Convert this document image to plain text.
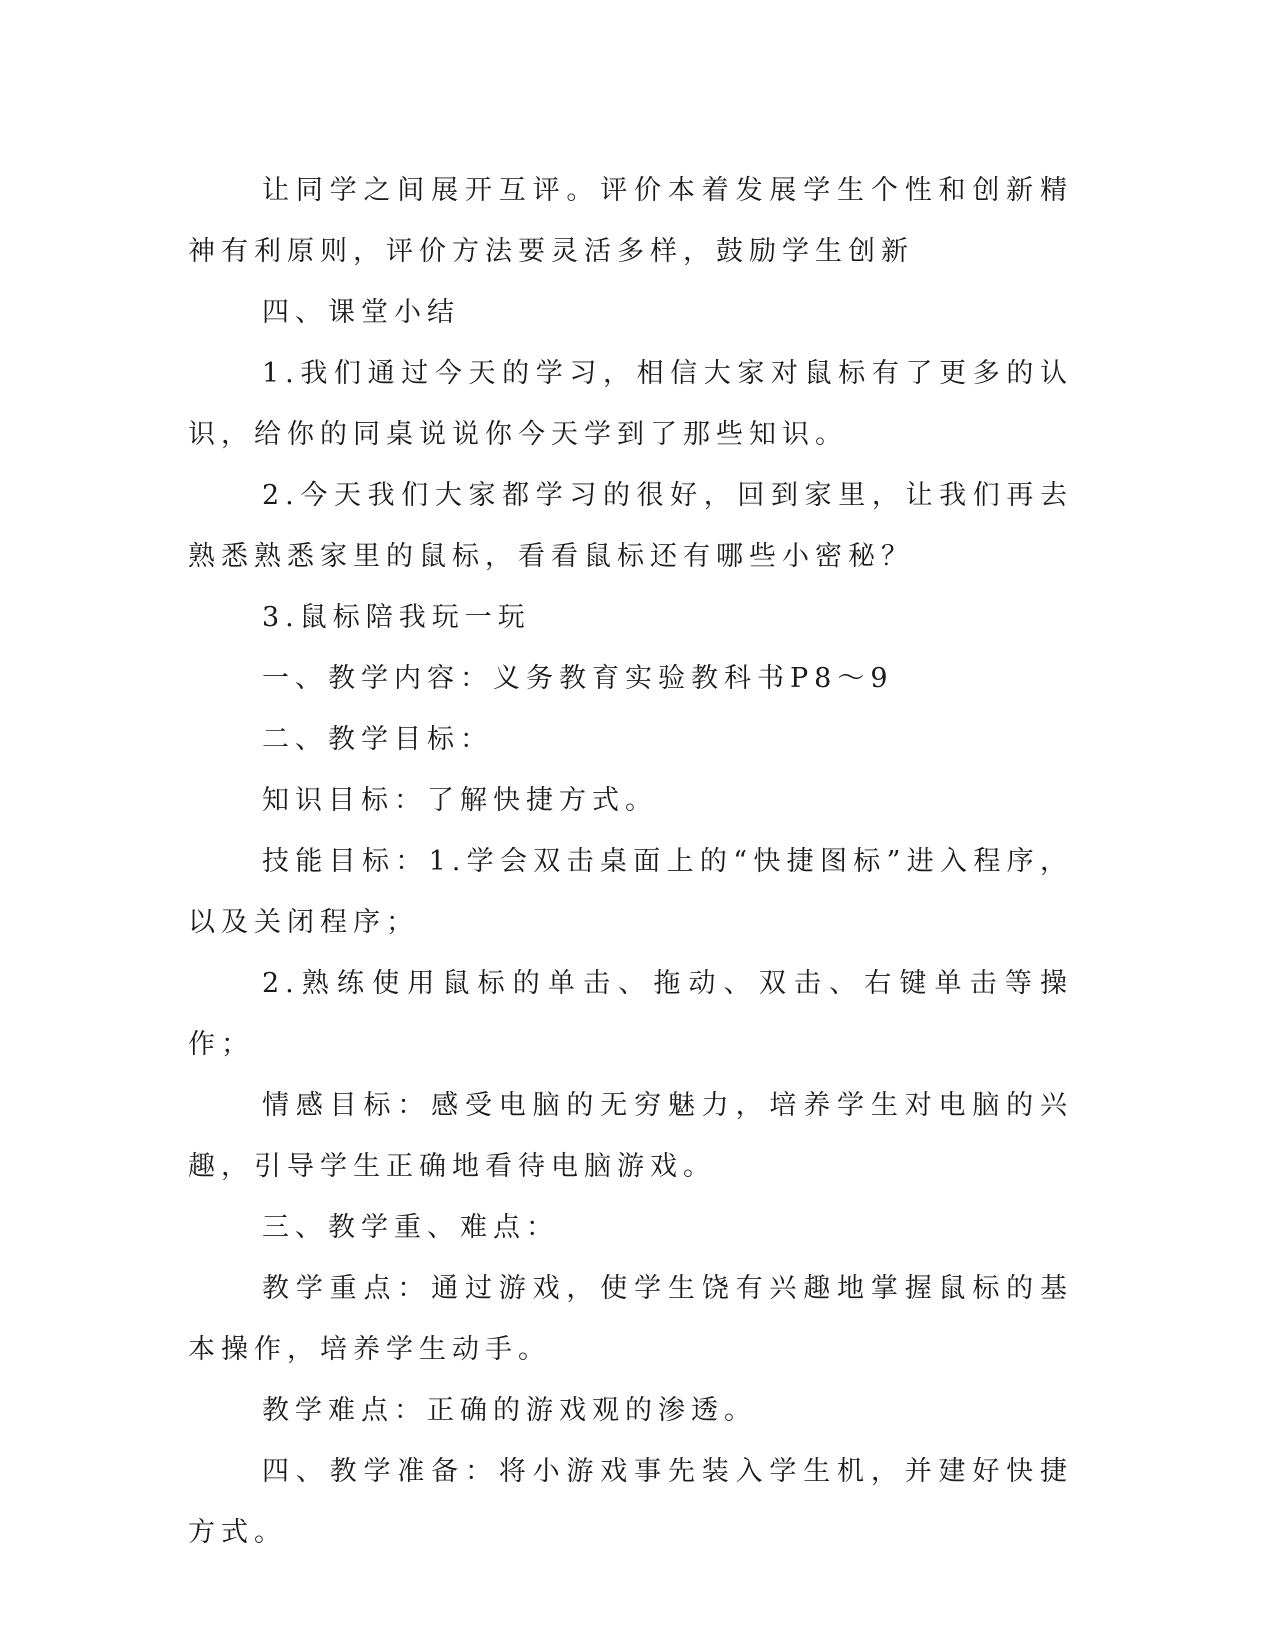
让同学之间展开互评。评价本着发展学生个性和创新精神有利原则，评价方法要灵活多样，鼓励学生创新

四、课堂小结

1.我们通过今天的学习，相信大家对鼠标有了更多的认识，给你的同桌说说你今天学到了那些知识。

2.今天我们大家都学习的很好，回到家里，让我们再去熟悉熟悉家里的鼠标，看看鼠标还有哪些小密秘？

3.鼠标陪我玩一玩

一、教学内容：义务教育实验教科书P8～9

二、教学目标：

知识目标：了解快捷方式。

技能目标：1.学会双击桌面上的“快捷图标”进入程序，以及关闭程序；

2.熟练使用鼠标的单击、拖动、双击、右键单击等操作；

情感目标：感受电脑的无穷魅力，培养学生对电脑的兴趣，引导学生正确地看待电脑游戏。

三、教学重、难点：

教学重点：通过游戏，使学生饶有兴趣地掌握鼠标的基本操作，培养学生动手。

教学难点：正确的游戏观的渗透。

四、教学准备：将小游戏事先装入学生机，并建好快捷方式。
